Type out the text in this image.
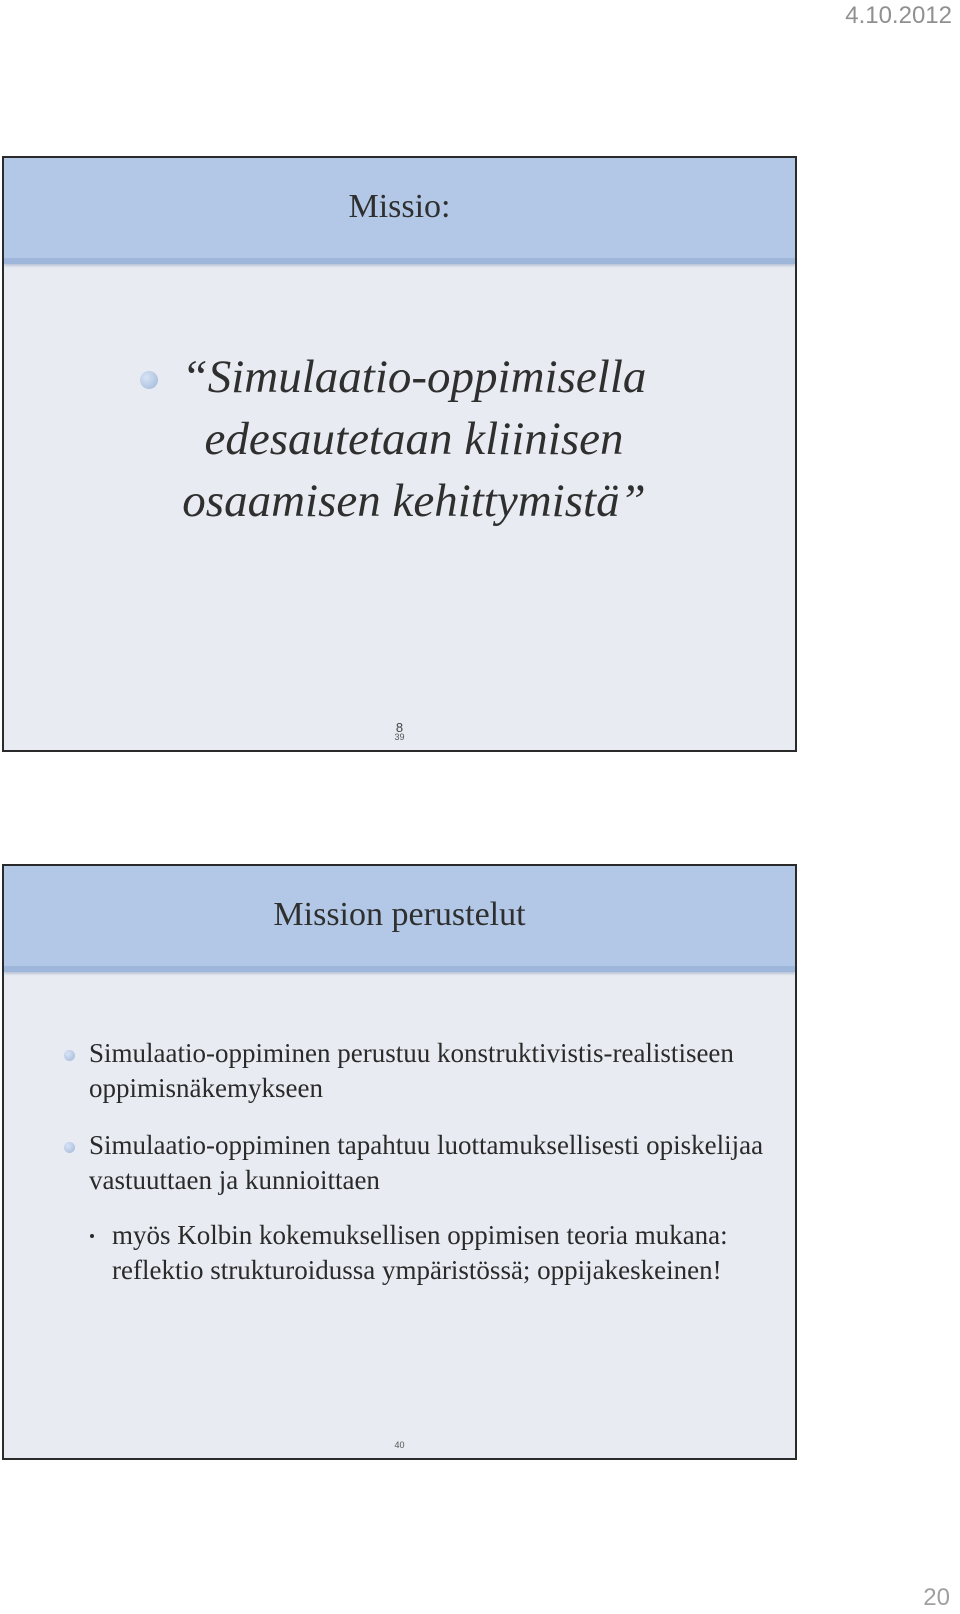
4.10.2012
Missio:
“Simulaatio-oppimisella edesautetaan kliinisen osaamisen kehittymistä”
8
39
Mission perustelut
Simulaatio-oppiminen perustuu konstruktivistis-realistiseen oppimisnäkemykseen
Simulaatio-oppiminen tapahtuu luottamuksellisesti opiskelijaa vastuuttaen ja kunnioittaen
myös Kolbin kokemuksellisen oppimisen teoria mukana: reflektio strukturoidussa ympäristössä; oppijakeskeinen!
40
20
